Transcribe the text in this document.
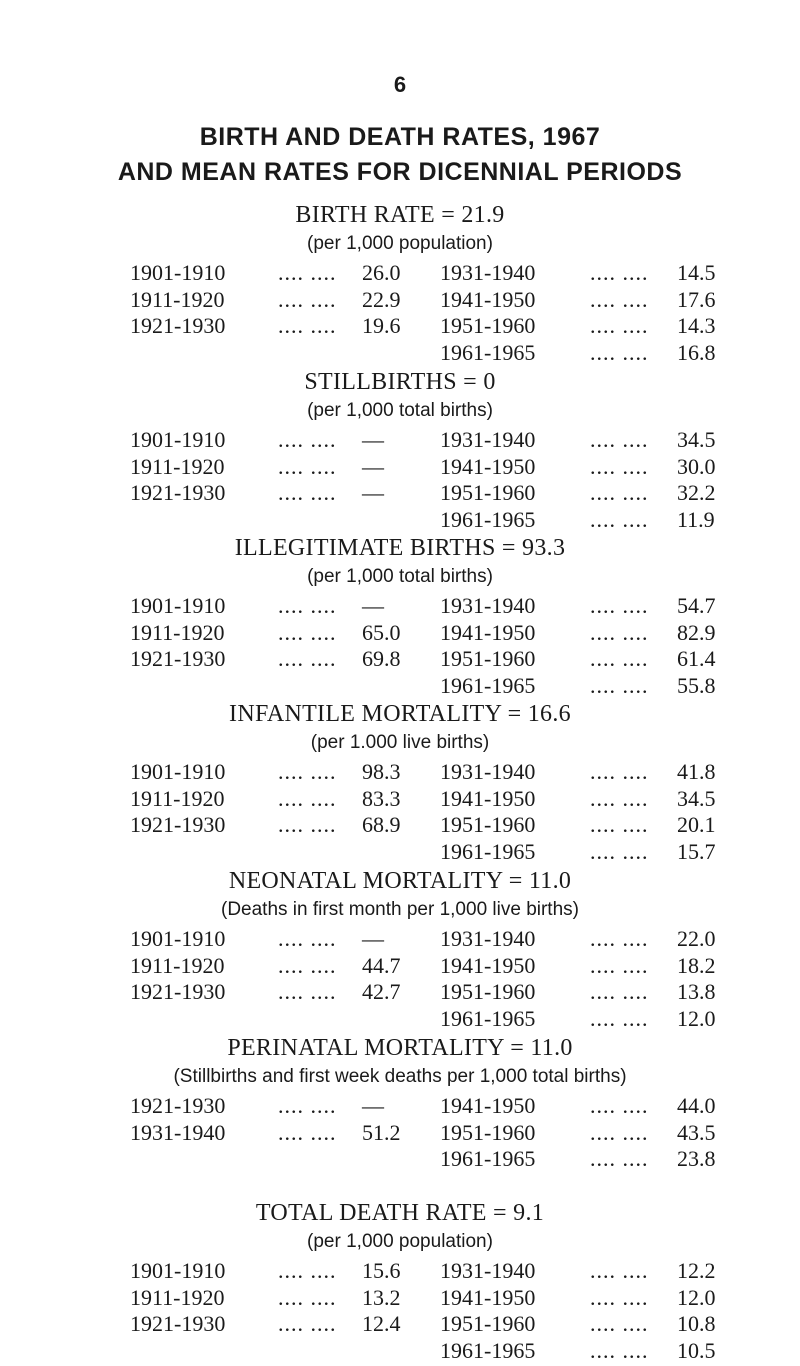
6
BIRTH AND DEATH RATES, 1967
AND MEAN RATES FOR DICENNIAL PERIODS
BIRTH RATE = 21.9
(per 1,000 population)
1901-1910 .... .... 26.0
1911-1920 .... .... 22.9
1921-1930 .... .... 19.6
1931-1940 .... .... 14.5
1941-1950 .... .... 17.6
1951-1960 .... .... 14.3
1961-1965 .... .... 16.8
STILLBIRTHS = 0
(per 1,000 total births)
1901-1910 .... .... —
1911-1920 .... .... —
1921-1930 .... .... —
1931-1940 .... .... 34.5
1941-1950 .... .... 30.0
1951-1960 .... .... 32.2
1961-1965 .... .... 11.9
ILLEGITIMATE BIRTHS = 93.3
(per 1,000 total births)
1901-1910 .... .... —
1911-1920 .... .... 65.0
1921-1930 .... .... 69.8
1931-1940 .... .... 54.7
1941-1950 .... .... 82.9
1951-1960 .... .... 61.4
1961-1965 .... .... 55.8
INFANTILE MORTALITY = 16.6
(per 1.000 live births)
1901-1910 .... .... 98.3
1911-1920 .... .... 83.3
1921-1930 .... .... 68.9
1931-1940 .... .... 41.8
1941-1950 .... .... 34.5
1951-1960 .... .... 20.1
1961-1965 .... .... 15.7
NEONATAL MORTALITY = 11.0
(Deaths in first month per 1,000 live births)
1901-1910 .... .... —
1911-1920 .... .... 44.7
1921-1930 .... .... 42.7
1931-1940 .... .... 22.0
1941-1950 .... .... 18.2
1951-1960 .... .... 13.8
1961-1965 .... .... 12.0
PERINATAL MORTALITY = 11.0
(Stillbirths and first week deaths per 1,000 total births)
1921-1930 .... .... —
1931-1940 .... .... 51.2
1941-1950 .... .... 44.0
1951-1960 .... .... 43.5
1961-1965 .... .... 23.8
TOTAL DEATH RATE = 9.1
(per 1,000 population)
1901-1910 .... .... 15.6
1911-1920 .... .... 13.2
1921-1930 .... .... 12.4
1931-1940 .... .... 12.2
1941-1950 .... .... 12.0
1951-1960 .... .... 10.8
1961-1965 .... .... 10.5
